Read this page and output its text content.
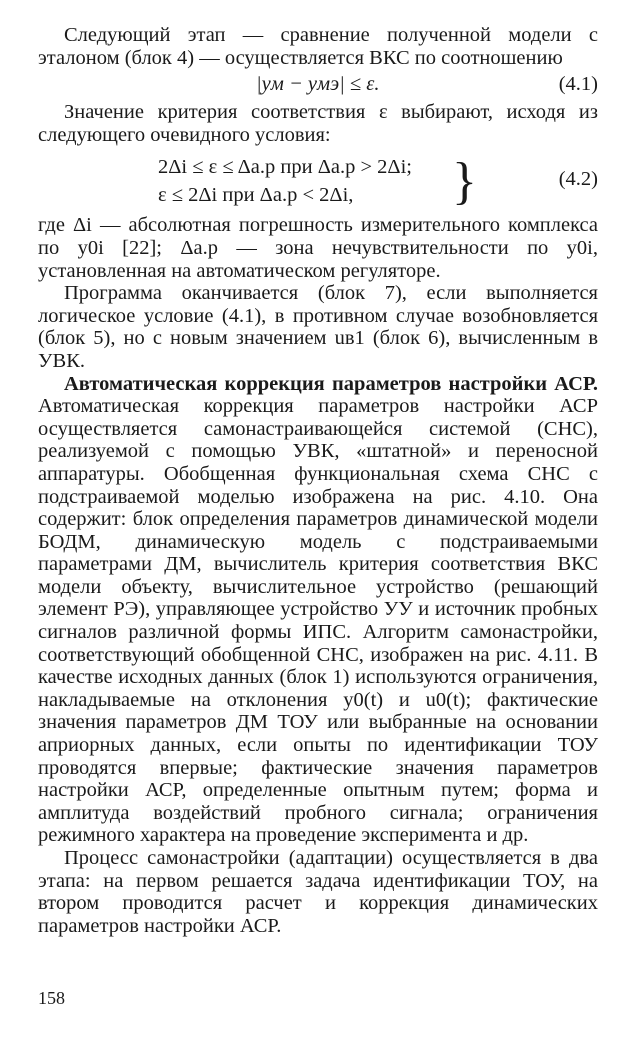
Следующий этап — сравнение полученной модели с эталоном (блок 4) — осуществляется ВКС по соотношению

|yм − yмэ| ≤ ε.	(4.1)

Значение критерия соответствия ε выбирают, исходя из следующего очевидного условия:

2Δi ≤ ε ≤ Δа.р при Δа.р > 2Δi;
ε ≤ 2Δi при Δа.р < 2Δi, }	(4.2)

где Δi — абсолютная погрешность измерительного комплекса по y0i [22]; Δа.р — зона нечувствительности по y0i, установленная на автоматическом регуляторе.

Программа оканчивается (блок 7), если выполняется логическое условие (4.1), в противном случае возобновляется (блок 5), но с новым значением uв1 (блок 6), вычисленным в УВК.

Автоматическая коррекция параметров настройки АСР. Автоматическая коррекция параметров настройки АСР осуществляется самонастраивающейся системой (СНС), реализуемой с помощью УВК, «штатной» и переносной аппаратуры. Обобщенная функциональная схема СНС с подстраиваемой моделью изображена на рис. 4.10. Она содержит: блок определения параметров динамической модели БОДМ, динамическую модель с подстраиваемыми параметрами ДМ, вычислитель критерия соответствия ВКС модели объекту, вычислительное устройство (решающий элемент РЭ), управляющее устройство УУ и источник пробных сигналов различной формы ИПС. Алгоритм самонастройки, соответствующий обобщенной СНС, изображен на рис. 4.11. В качестве исходных данных (блок 1) используются ограничения, накладываемые на отклонения y0(t) и u0(t); фактические значения параметров ДМ ТОУ или выбранные на основании априорных данных, если опыты по идентификации ТОУ проводятся впервые; фактические значения параметров настройки АСР, определенные опытным путем; форма и амплитуда воздействий пробного сигнала; ограничения режимного характера на проведение эксперимента и др.

Процесс самонастройки (адаптации) осуществляется в два этапа: на первом решается задача идентификации ТОУ, на втором проводится расчет и коррекция динамических параметров настройки АСР.

158
